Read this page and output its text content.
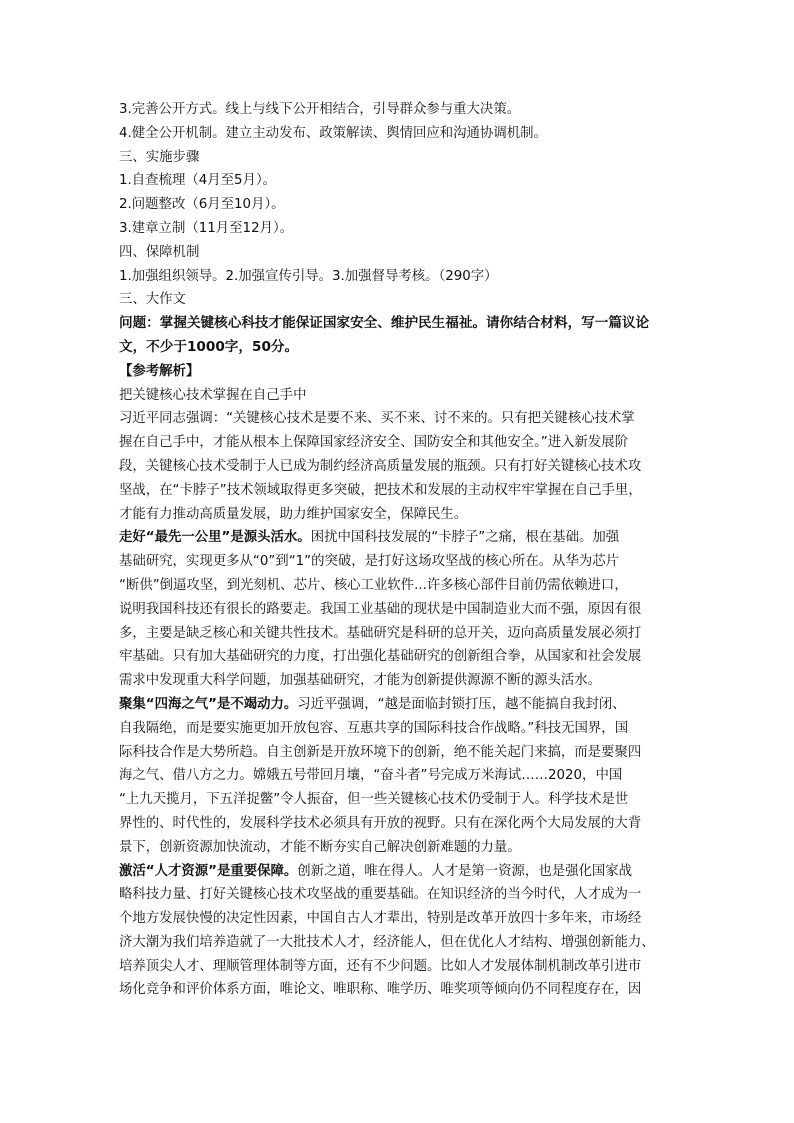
3.完善公开方式。线上与线下公开相结合，引导群众参与重大决策。
4.健全公开机制。建立主动发布、政策解读、舆情回应和沟通协调机制。
三、实施步骤
1.自查梳理（4月至5月）。
2.问题整改（6月至10月）。
3.建章立制（11月至12月）。
四、保障机制
1.加强组织领导。2.加强宣传引导。3.加强督导考核。（290字）
三、大作文
问题：掌握关键核心科技才能保证国家安全、维护民生福祉。请你结合材料，写一篇议论
文，不少于1000字，50分。
【参考解析】
把关键核心技术掌握在自己手中
习近平同志强调：“关键核心技术是要不来、买不来、讨不来的。只有把关键核心技术掌
握在自己手中，才能从根本上保障国家经济安全、国防安全和其他安全。”进入新发展阶
段，关键核心技术受制于人已成为制约经济高质量发展的瓶颈。只有打好关键核心技术攻
坚战，在“卡脖子”技术领域取得更多突破，把技术和发展的主动权牢牢掌握在自己手里，
才能有力推动高质量发展，助力维护国家安全，保障民生。
走好“最先一公里”是源头活水。困扰中国科技发展的“卡脖子”之痛，根在基础。加强
基础研究，实现更多从“0”到“1”的突破，是打好这场攻坚战的核心所在。从华为芯片
“断供”倒逼攻坚，到光刻机、芯片、核心工业软件...许多核心部件目前仍需依赖进口，
说明我国科技还有很长的路要走。我国工业基础的现状是中国制造业大而不强，原因有很
多，主要是缺乏核心和关键共性技术。基础研究是科研的总开关，迈向高质量发展必须打
牢基础。只有加大基础研究的力度，打出强化基础研究的创新组合拳，从国家和社会发展
需求中发现重大科学问题，加强基础研究，才能为创新提供源源不断的源头活水。
聚集“四海之气”是不竭动力。习近平强调，“越是面临封锁打压，越不能搞自我封闭、
自我隔绝，而是要实施更加开放包容、互惠共享的国际科技合作战略。”科技无国界，国
际科技合作是大势所趋。自主创新是开放环境下的创新，绝不能关起门来搞，而是要聚四
海之气、借八方之力。嫦娥五号带回月壤，“奋斗者”号完成万米海试……2020，中国
“上九天揽月，下五洋捉鳖”令人振奋，但一些关键核心技术仍受制于人。科学技术是世
界性的、时代性的，发展科学技术必须具有开放的视野。只有在深化两个大局发展的大背
景下，创新资源加快流动，才能不断夯实自己解决创新难题的力量。
激活“人才资源”是重要保障。创新之道，唯在得人。人才是第一资源，也是强化国家战
略科技力量、打好关键核心技术攻坚战的重要基础。在知识经济的当今时代，人才成为一
个地方发展快慢的决定性因素，中国自古人才辈出，特别是改革开放四十多年来，市场经
济大潮为我们培养造就了一大批技术人才，经济能人，但在优化人才结构、增强创新能力、
培养顶尖人才、理顺管理体制等方面，还有不少问题。比如人才发展体制机制改革引进市
场化竞争和评价体系方面，唯论文、唯职称、唯学历、唯奖项等倾向仍不同程度存在，因
